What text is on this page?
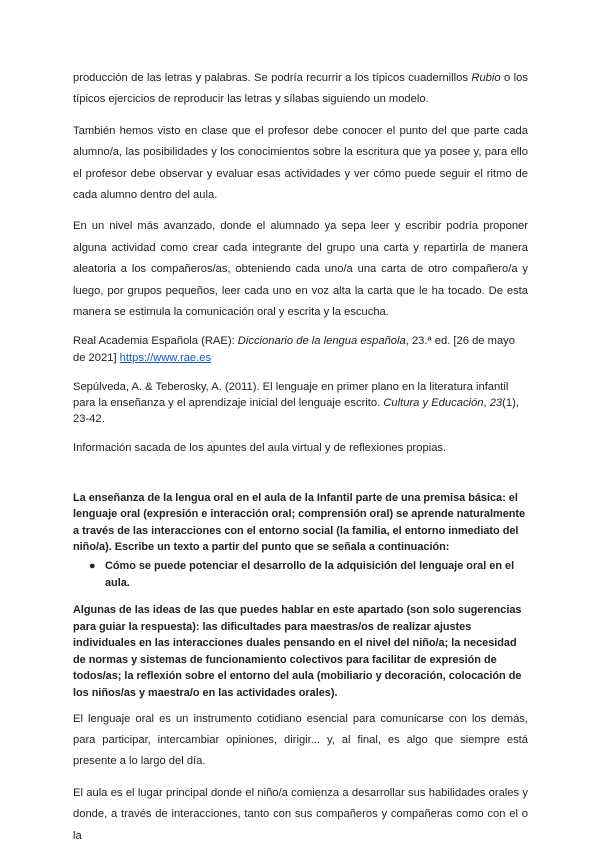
producción de las letras y palabras. Se podría recurrir a los típicos cuadernillos Rubio o los típicos ejercicios de reproducir las letras y sílabas siguiendo un modelo.

También hemos visto en clase que el profesor debe conocer el punto del que parte cada alumno/a, las posibilidades y los conocimientos sobre la escritura que ya posee y, para ello el profesor debe observar y evaluar esas actividades y ver cómo puede seguir el ritmo de cada alumno dentro del aula.

En un nivel más avanzado, donde el alumnado ya sepa leer y escribir podría proponer alguna actividad como crear cada integrante del grupo una carta y repartirla de manera aleatoria a los compañeros/as, obteniendo cada uno/a una carta de otro compañero/a y luego, por grupos pequeños, leer cada uno en voz alta la carta que le ha tocado. De esta manera se estimula la comunicación oral y escrita y la escucha.

Real Academia Española (RAE): Diccionario de la lengua española, 23.ª ed. [26 de mayo de 2021] https://www.rae.es

Sepúlveda, A. & Teberosky, A. (2011). El lenguaje en primer plano en la literatura infantil para la enseñanza y el aprendizaje inicial del lenguaje escrito. Cultura y Educación, 23(1), 23-42.

Información sacada de los apuntes del aula virtual y de reflexiones propias.

La enseñanza de la lengua oral en el aula de la Infantil parte de una premisa básica: el lenguaje oral (expresión e interacción oral; comprensión oral) se aprende naturalmente a través de las interacciones con el entorno social (la familia, el entorno inmediato del niño/a). Escribe un texto a partir del punto que se señala a continuación:

● Cómo se puede potenciar el desarrollo de la adquisición del lenguaje oral en el aula.

Algunas de las ideas de las que puedes hablar en este apartado (son solo sugerencias para guiar la respuesta): las dificultades para maestras/os de realizar ajustes individuales en las interacciones duales pensando en el nivel del niño/a; la necesidad de normas y sistemas de funcionamiento colectivos para facilitar de expresión de todos/as; la reflexión sobre el entorno del aula (mobiliario y decoración, colocación de los niños/as y maestra/o en las actividades orales).

El lenguaje oral es un instrumento cotidiano esencial para comunicarse con los demás, para participar, intercambiar opiniones, dirigir... y, al final, es algo que siempre está presente a lo largo del día.

El aula es el lugar principal donde el niño/a comienza a desarrollar sus habilidades orales y donde, a través de interacciones, tanto con sus compañeros y compañeras como con el o la
